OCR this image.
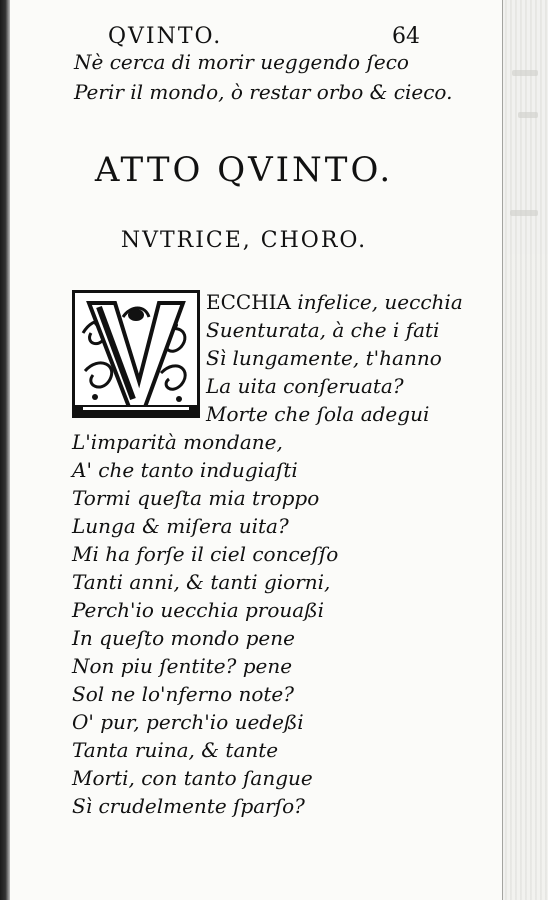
QVINTO.	64
Nè cerca di morir ueggendo ſeco
Perir il mondo, ò restar orbo & cieco.
ATTO QVINTO.
NVTRICE, CHORO.
ECCHIA infelice, uecchia
Suenturata, à che i fati
Sì lungamente, t'hanno
La uita conſeruata?
Morte che ſola adegui
L'imparità mondane,
A' che tanto indugiaſti
Tormi queſta mia troppo
Lunga & miſera uita?
Mi ha forſe il ciel conceſſo
Tanti anni, & tanti giorni,
Perch'io uecchia prouaßi
In queſto mondo pene
Non piu ſentite? pene
Sol ne lo'nferno note?
O' pur, perch'io uedeßi
Tanta ruina, & tante
Morti, con tanto ſangue
Sì crudelmente ſparſo?
